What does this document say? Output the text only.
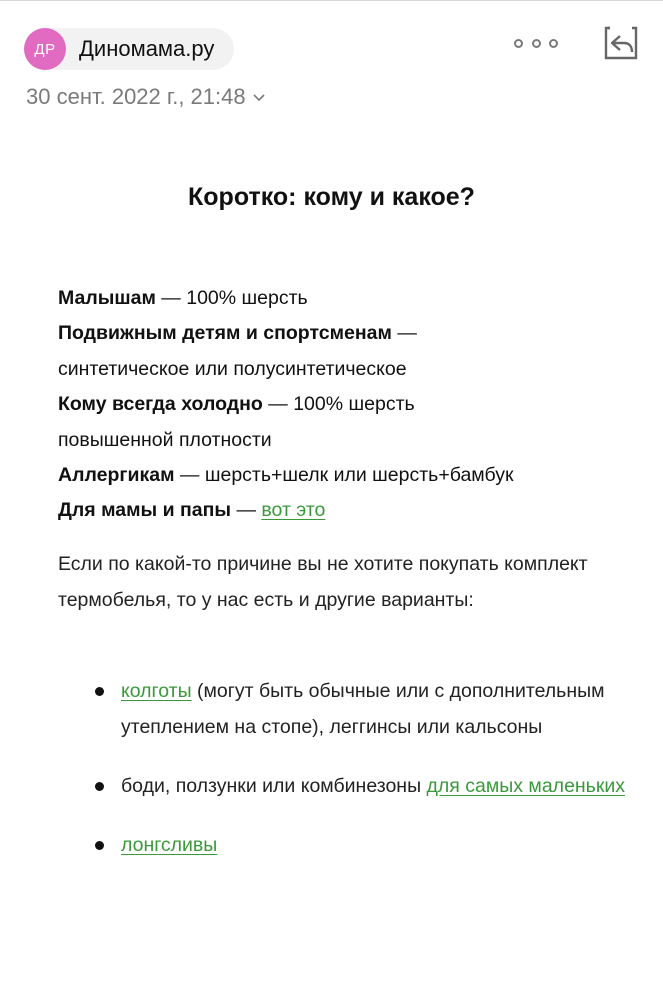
ДР	Диномама.ру
30 сент. 2022 г., 21:48
Коротко: кому и какое?
Малышам — 100% шерсть
Подвижным детям и спортсменам —
синтетическое или полусинтетическое
Кому всегда холодно — 100% шерсть повышенной плотности
Аллергикам — шерсть+шелк или шерсть+бамбук
Для мамы и папы — вот это
Если по какой-то причине вы не хотите покупать комплект термобелья, то у нас есть и другие варианты:
колготы (могут быть обычные или с дополнительным утеплением на стопе), леггинсы или кальсоны
боди, ползунки или комбинезоны для самых маленьких
лонгсливы
